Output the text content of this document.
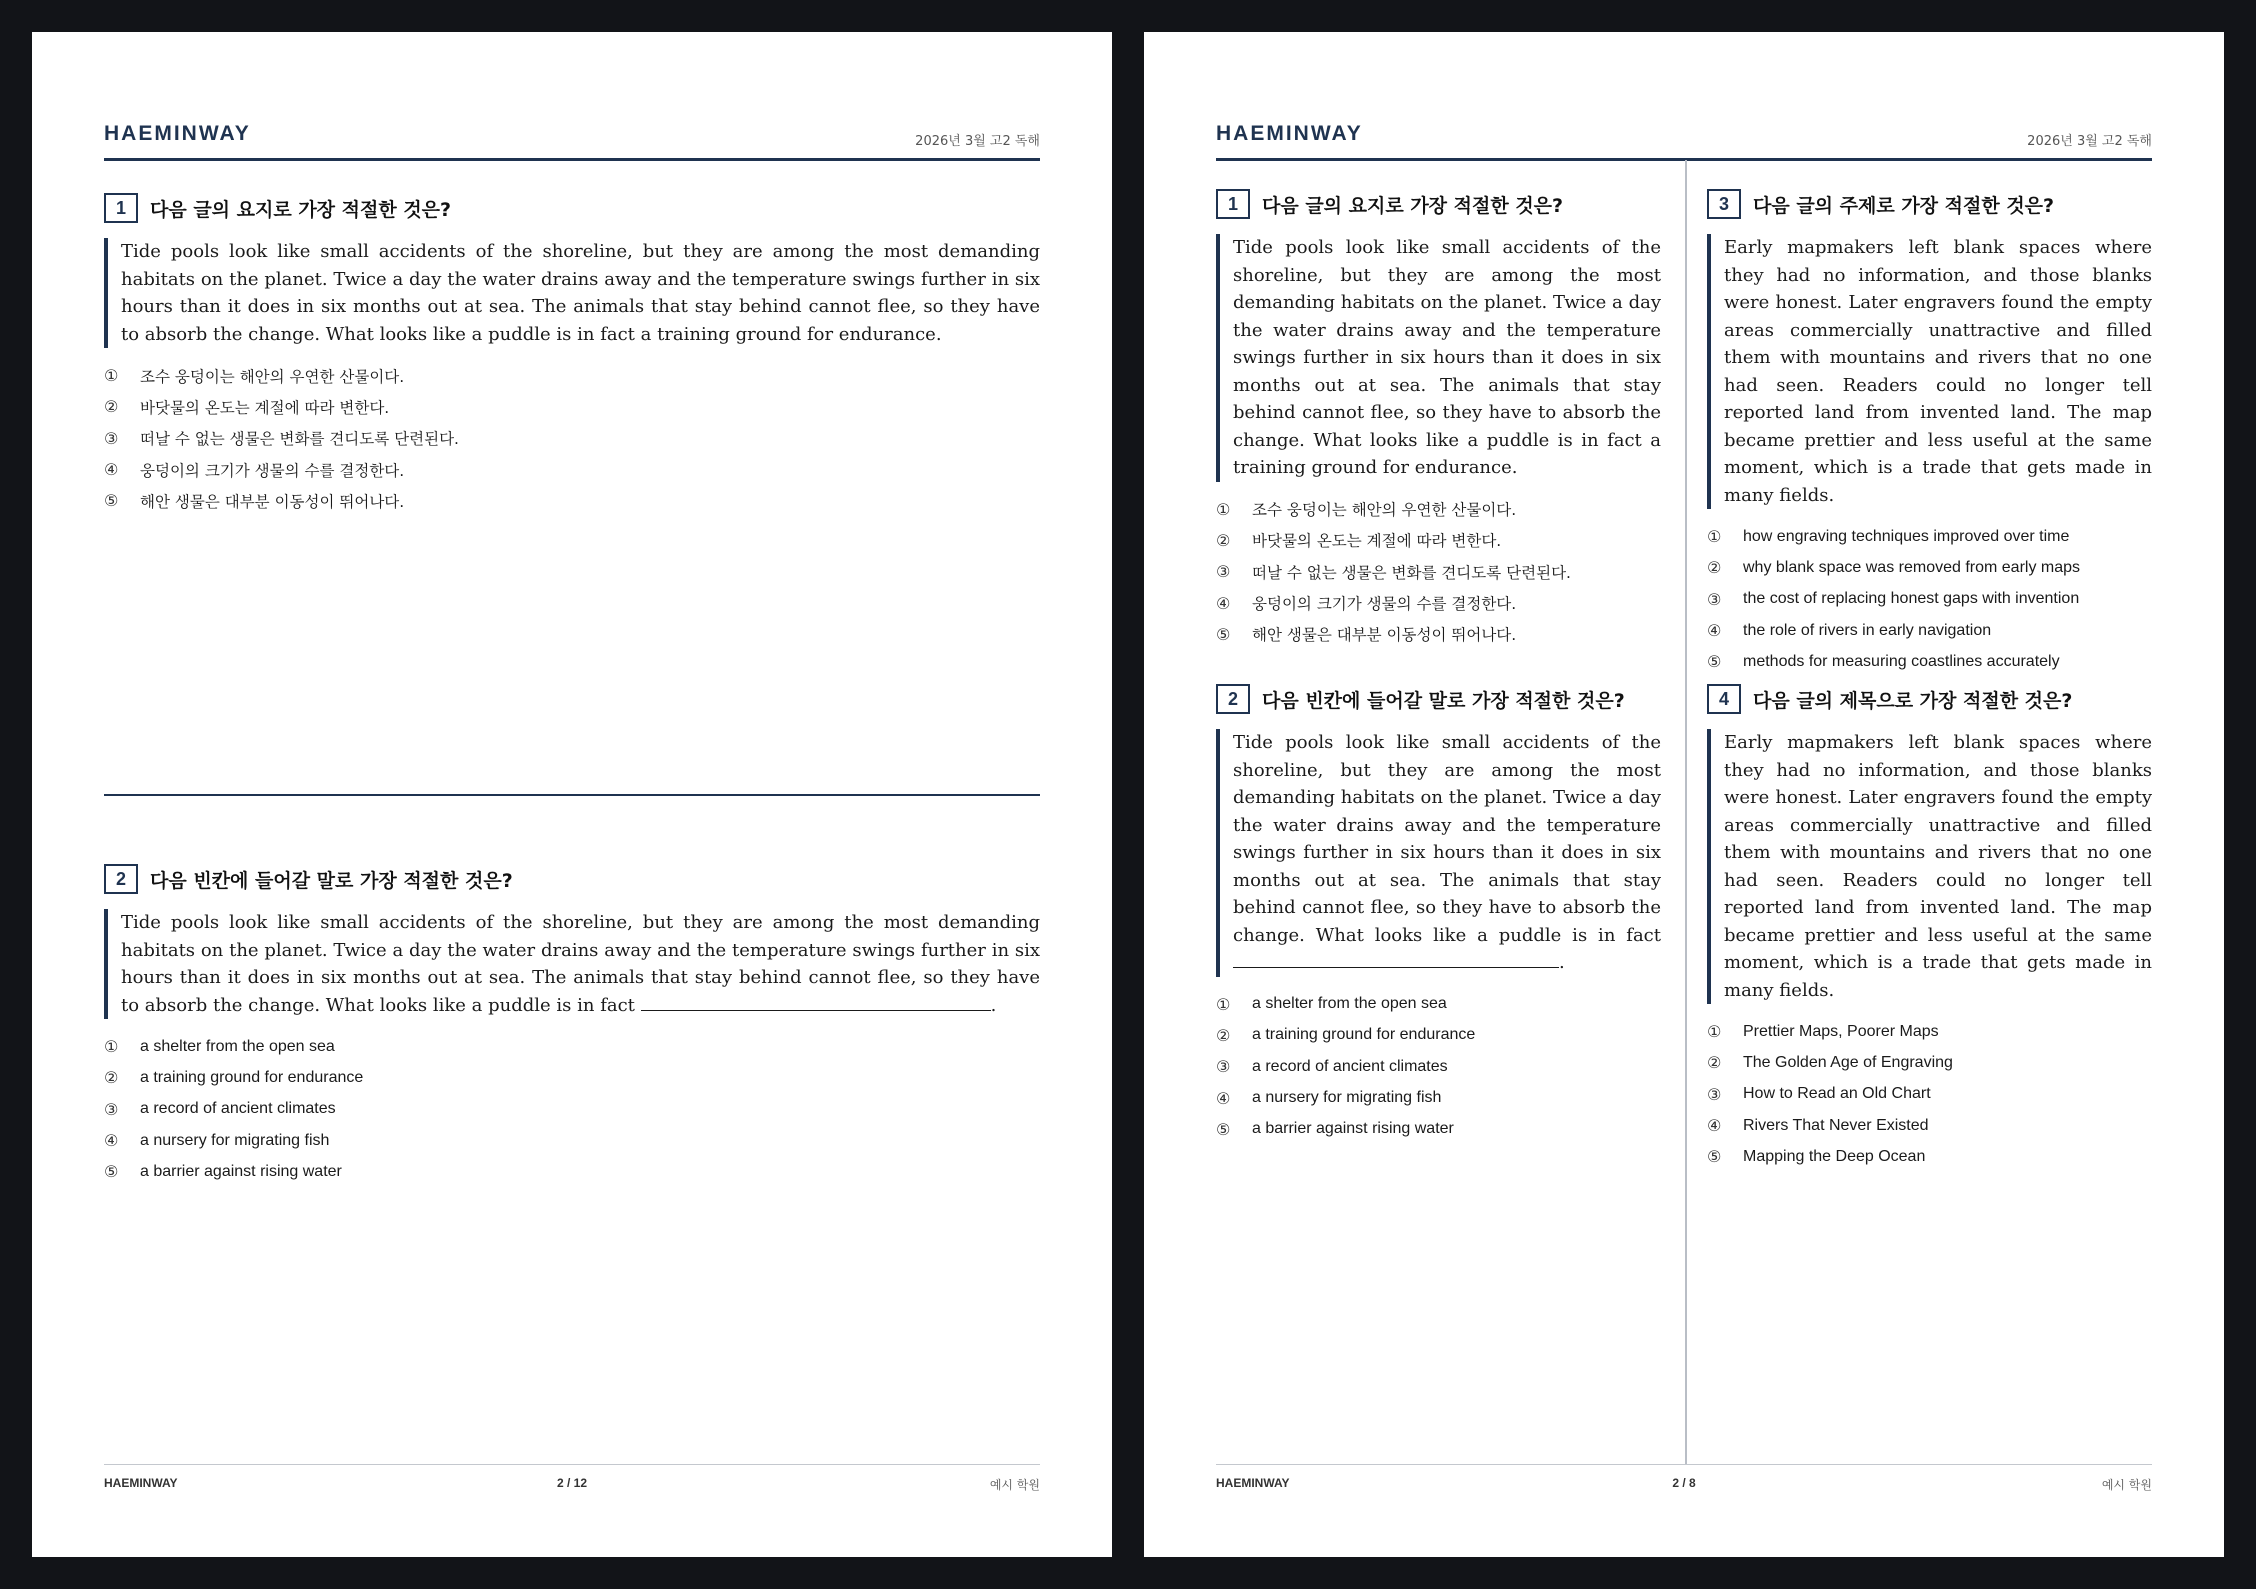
HAEMINWAY	2026년 3월 고2 독해
1	다음 글의 요지로 가장 적절한 것은?
Tide pools look like small accidents of the shoreline, but they are among the most demanding habitats on the planet. Twice a day the water drains away and the temperature swings further in six hours than it does in six months out at sea. The animals that stay behind cannot flee, so they have to absorb the change. What looks like a puddle is in fact a training ground for endurance.
①	조수 웅덩이는 해안의 우연한 산물이다.
②	바닷물의 온도는 계절에 따라 변한다.
③	떠날 수 없는 생물은 변화를 견디도록 단련된다.
④	웅덩이의 크기가 생물의 수를 결정한다.
⑤	해안 생물은 대부분 이동성이 뛰어나다.
2	다음 빈칸에 들어갈 말로 가장 적절한 것은?
Tide pools look like small accidents of the shoreline, but they are among the most demanding habitats on the planet. Twice a day the water drains away and the temperature swings further in six hours than it does in six months out at sea. The animals that stay behind cannot flee, so they have to absorb the change. What looks like a puddle is in fact	.
①	a shelter from the open sea
②	a training ground for endurance
③	a record of ancient climates
④	a nursery for migrating fish
⑤	a barrier against rising water
HAEMINWAY	2 / 12	예시 학원
HAEMINWAY	2026년 3월 고2 독해
1	다음 글의 요지로 가장 적절한 것은?
Tide pools look like small accidents of the shoreline, but they are among the most demanding habitats on the planet. Twice a day the water drains away and the temperature swings further in six hours than it does in six months out at sea. The animals that stay behind cannot flee, so they have to absorb the change. What looks like a puddle is in fact a training ground for endurance.
①	조수 웅덩이는 해안의 우연한 산물이다.
②	바닷물의 온도는 계절에 따라 변한다.
③	떠날 수 없는 생물은 변화를 견디도록 단련된다.
④	웅덩이의 크기가 생물의 수를 결정한다.
⑤	해안 생물은 대부분 이동성이 뛰어나다.
2	다음 빈칸에 들어갈 말로 가장 적절한 것은?
Tide pools look like small accidents of the shoreline, but they are among the most demanding habitats on the planet. Twice a day the water drains away and the temperature swings further in six hours than it does in six months out at sea. The animals that stay behind cannot flee, so they have to absorb the change. What looks like a puddle is in fact .
①	a shelter from the open sea
②	a training ground for endurance
③	a record of ancient climates
④	a nursery for migrating fish
⑤	a barrier against rising water
3	다음 글의 주제로 가장 적절한 것은?
Early mapmakers left blank spaces where they had no information, and those blanks were honest. Later engravers found the empty areas commercially unattractive and filled them with mountains and rivers that no one had seen. Readers could no longer tell reported land from invented land. The map became prettier and less useful at the same moment, which is a trade that gets made in many fields.
①	how engraving techniques improved over time
②	why blank space was removed from early maps
③	the cost of replacing honest gaps with invention
④	the role of rivers in early navigation
⑤	methods for measuring coastlines accurately
4	다음 글의 제목으로 가장 적절한 것은?
Early mapmakers left blank spaces where they had no information, and those blanks were honest. Later engravers found the empty areas commercially unattractive and filled them with mountains and rivers that no one had seen. Readers could no longer tell reported land from invented land. The map became prettier and less useful at the same moment, which is a trade that gets made in many fields.
①	Prettier Maps, Poorer Maps
②	The Golden Age of Engraving
③	How to Read an Old Chart
④	Rivers That Never Existed
⑤	Mapping the Deep Ocean
HAEMINWAY	2 / 8	예시 학원
